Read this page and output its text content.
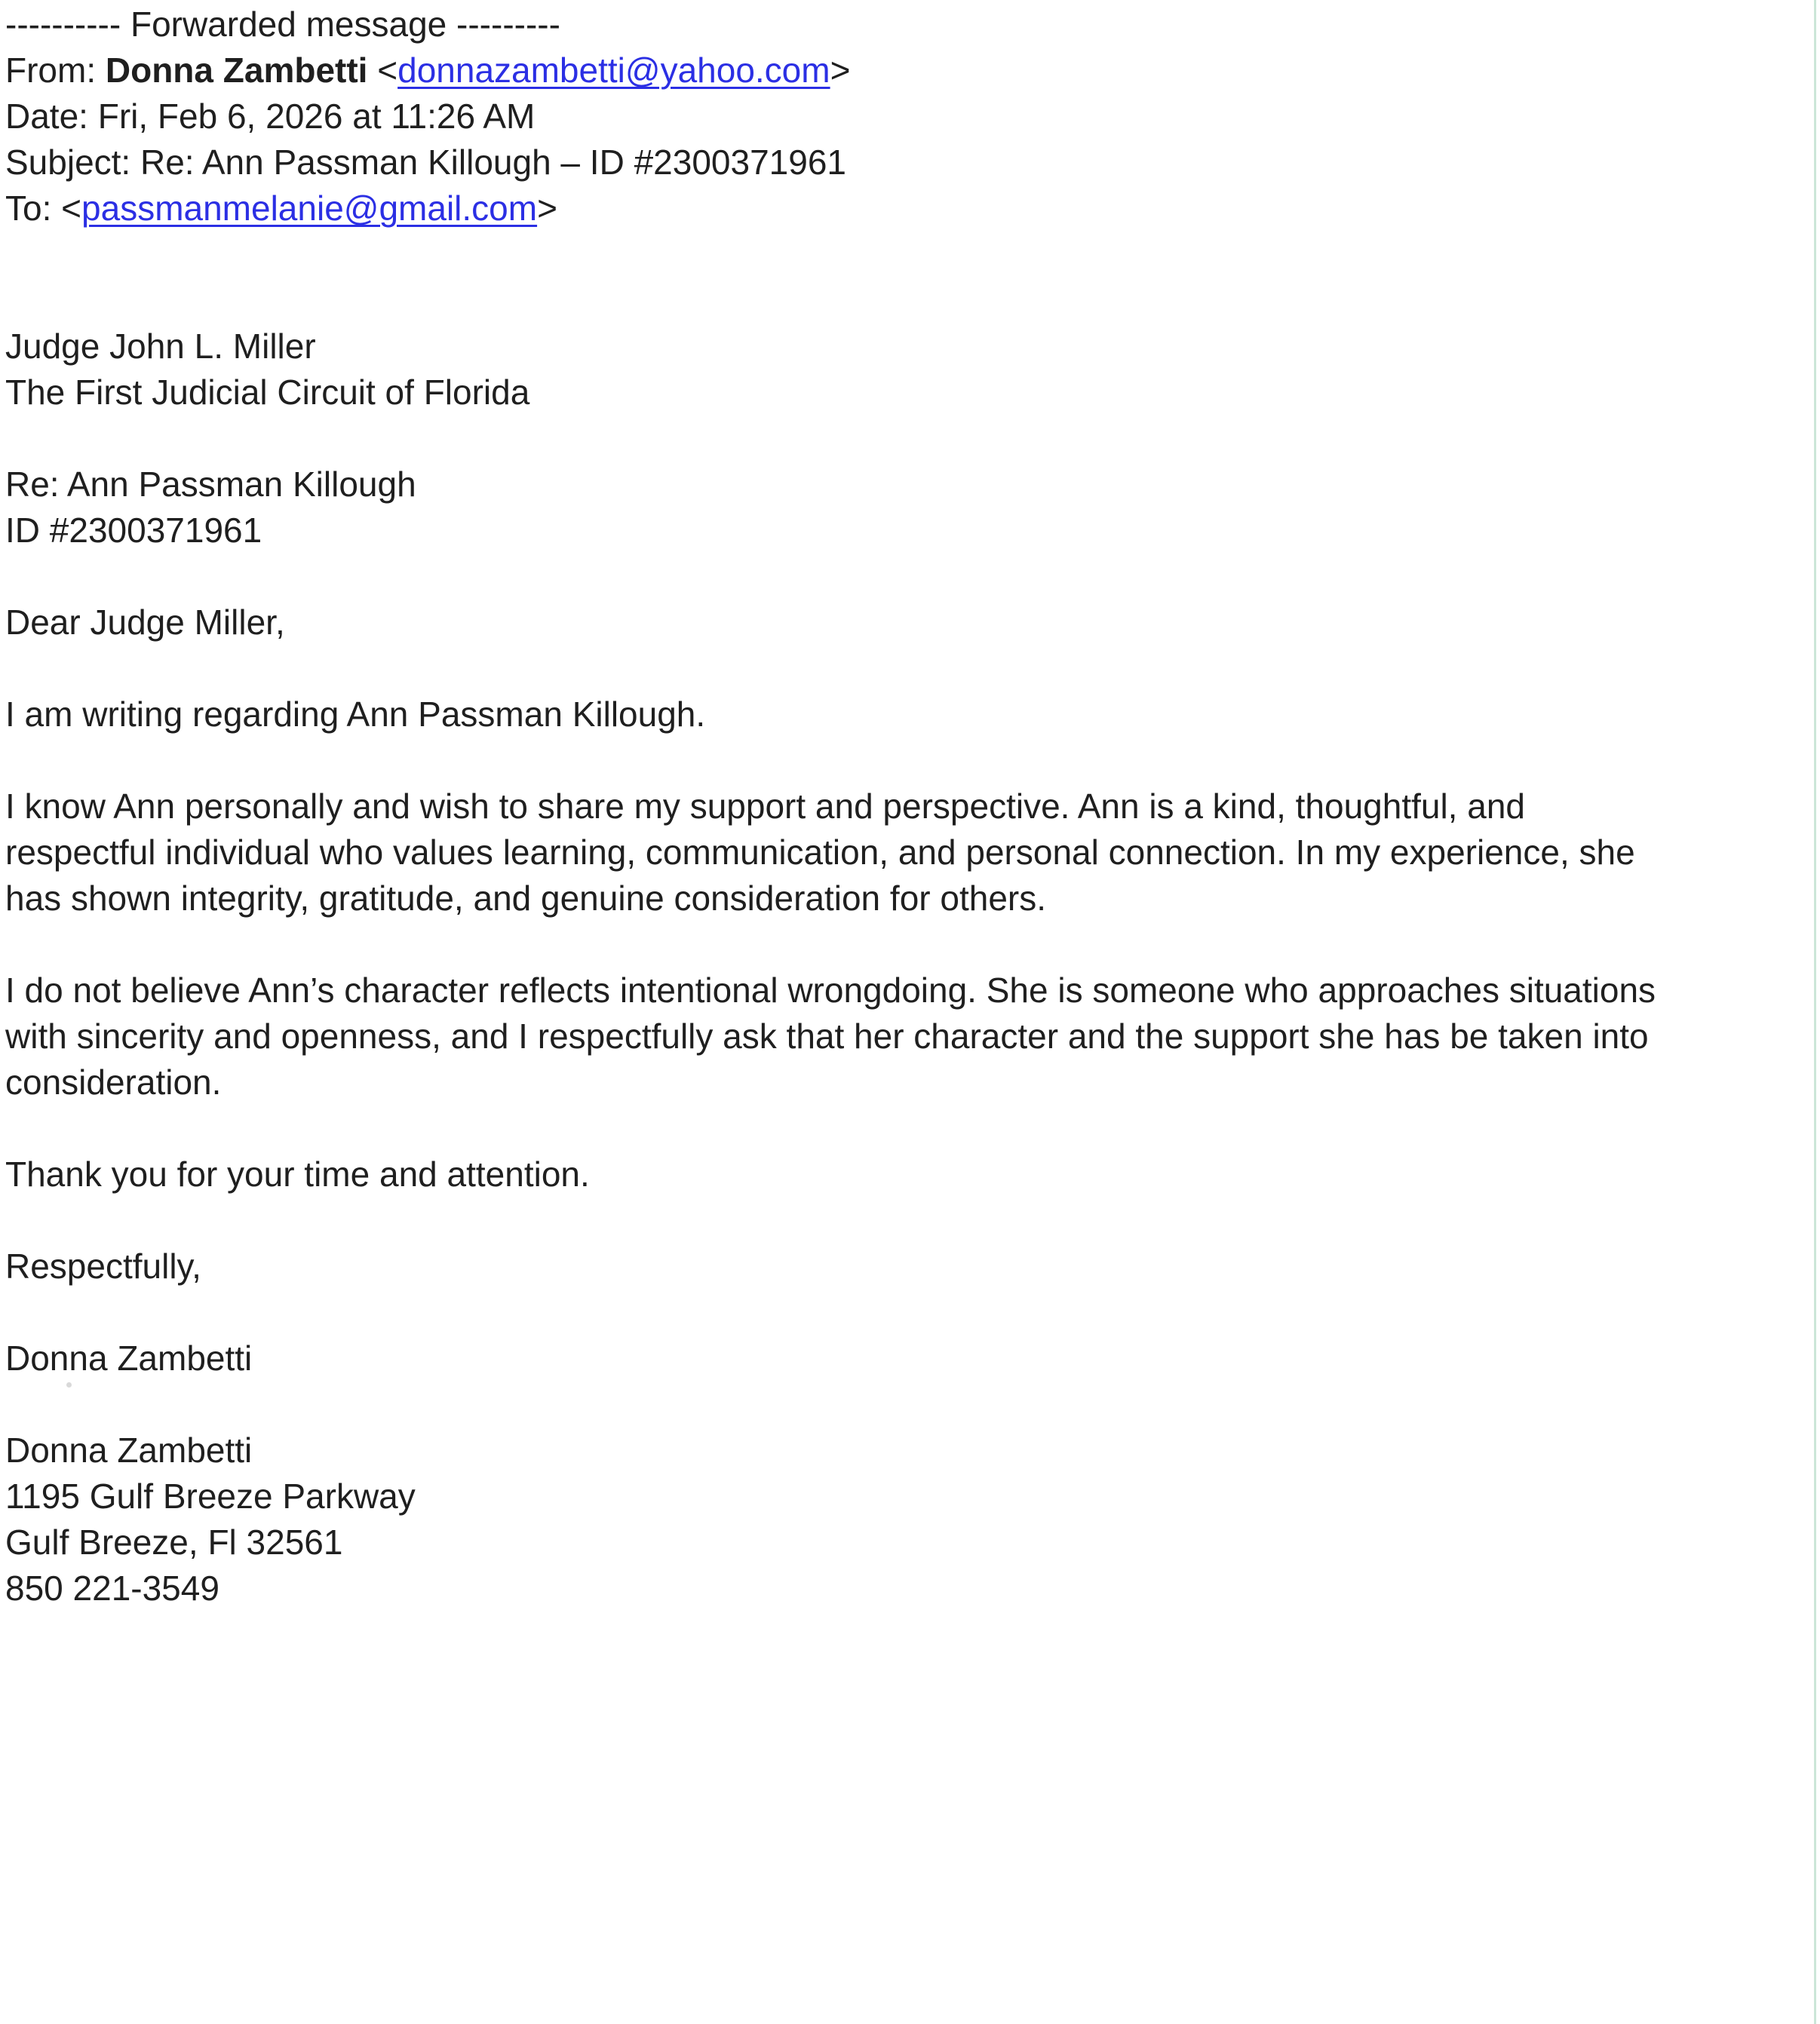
---------- Forwarded message ---------
From: Donna Zambetti <donnazambetti@yahoo.com>
Date: Fri, Feb 6, 2026 at 11:26 AM
Subject: Re: Ann Passman Killough – ID #2300371961
To: <passmanmelanie@gmail.com>
Judge John L. Miller
The First Judicial Circuit of Florida
Re: Ann Passman Killough
ID #2300371961
Dear Judge Miller,
I am writing regarding Ann Passman Killough.
I know Ann personally and wish to share my support and perspective. Ann is a kind, thoughtful, and
respectful individual who values learning, communication, and personal connection. In my experience, she
has shown integrity, gratitude, and genuine consideration for others.
I do not believe Ann’s character reflects intentional wrongdoing. She is someone who approaches situations
with sincerity and openness, and I respectfully ask that her character and the support she has be taken into
consideration.
Thank you for your time and attention.
Respectfully,
Donna Zambetti
Donna Zambetti
1195 Gulf Breeze Parkway
Gulf Breeze, Fl 32561
850 221-3549
